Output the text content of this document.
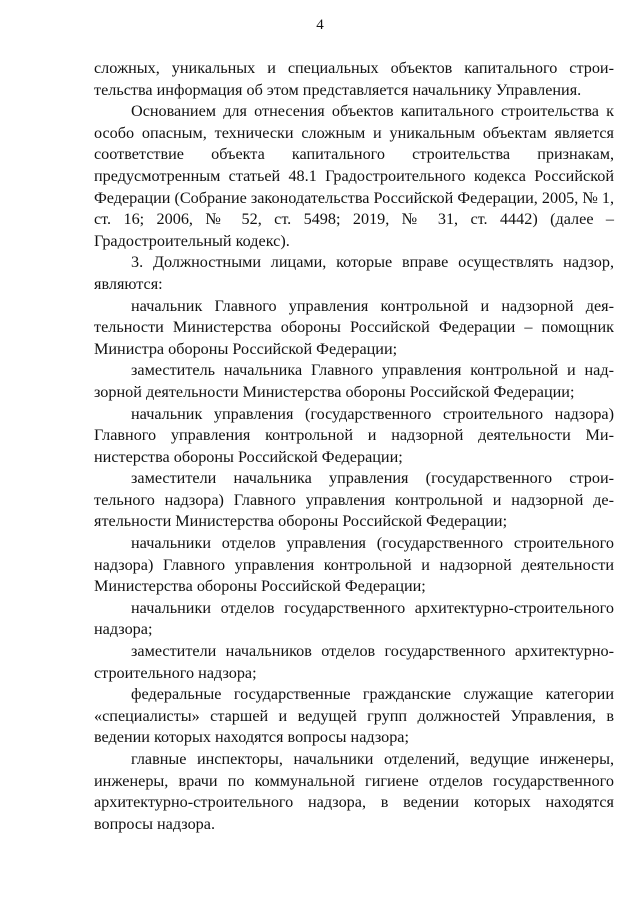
4

сложных, уникальных и специальных объектов капитального строительства информация об этом представляется начальнику Управления.

Основанием для отнесения объектов капитального строительства к особо опасным, технически сложным и уникальным объектам является соответствие объекта капитального строительства признакам, предусмотренным статьей 48.1 Градостроительного кодекса Российской Федерации (Собрание законодательства Российской Федерации, 2005, № 1, ст. 16; 2006, № 52, ст. 5498; 2019, № 31, ст. 4442) (далее – Градостроительный кодекс).

3. Должностными лицами, которые вправе осуществлять надзор, являются:

начальник Главного управления контрольной и надзорной деятельности Министерства обороны Российской Федерации – помощник Министра обороны Российской Федерации;

заместитель начальника Главного управления контрольной и надзорной деятельности Министерства обороны Российской Федерации;

начальник управления (государственного строительного надзора) Главного управления контрольной и надзорной деятельности Министерства обороны Российской Федерации;

заместители начальника управления (государственного строительного надзора) Главного управления контрольной и надзорной деятельности Министерства обороны Российской Федерации;

начальники отделов управления (государственного строительного надзора) Главного управления контрольной и надзорной деятельности Министерства обороны Российской Федерации;

начальники отделов государственного архитектурно-строительного надзора;

заместители начальников отделов государственного архитектурно-строительного надзора;

федеральные государственные гражданские служащие категории «специалисты» старшей и ведущей групп должностей Управления, в ведении которых находятся вопросы надзора;

главные инспекторы, начальники отделений, ведущие инженеры, инженеры, врачи по коммунальной гигиене отделов государственного архитектурно-строительного надзора, в ведении которых находятся вопросы надзора.
